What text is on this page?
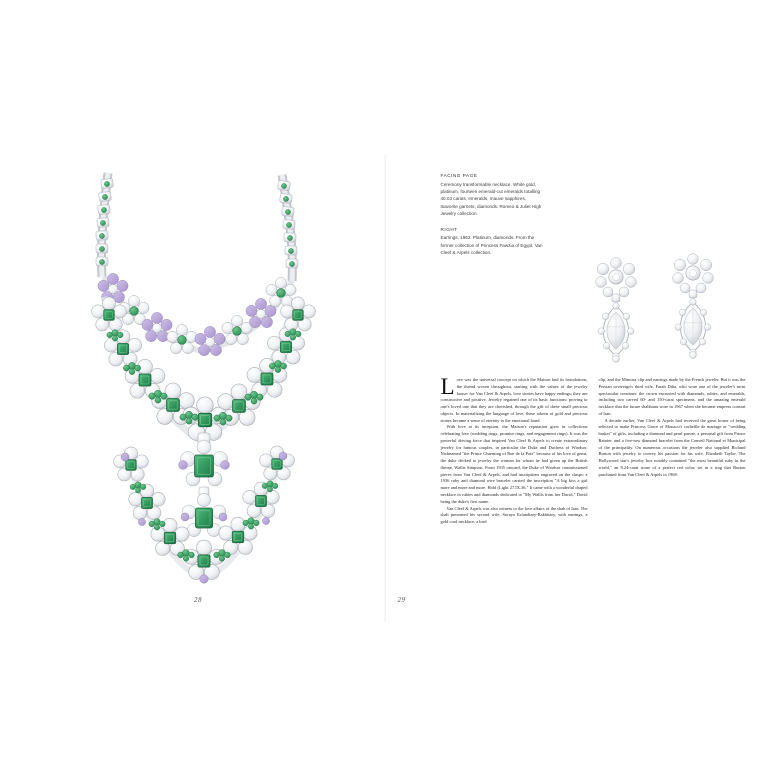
28
FACING PAGE
Ceremony transformable necklace. White gold, platinum, fourteen emerald-cut emeralds totalling 40.03 carats, emeralds, mauve sapphires, tsavorite garnets, diamonds. Romeo & Juliet High Jewelry collection.
RIGHT
Earrings, 1962. Platinum, diamonds. From the former collection of Princess Fawzia of Egypt. Van Cleef & Arpels collection.

Love was the universal concept on which the Maison laid its foundations, the thread woven throughout, starting with the values of the jewelry house: for Van Cleef & Arpels, love stories have happy endings; they are constructive and positive. Jewelry regained one of its basic functions: proving to one's loved one that they are cherished, through the gift of these small precious objects. In materializing the language of love, these tokens of gold and precious stones became a sense of eternity to the emotional bond.

With love at its inception, the Maison's reputation grew in collections celebrating love (wedding rings, promise rings, and engagement rings). It was the powerful driving force that inspired Van Cleef & Arpels to create extraordinary jewelry for famous couples, in particular the Duke and Duchess of Windsor. Nicknamed "the Prince Charming of Rue de la Paix" because of his love of gems, the duke decked to jewelry the woman for whom he had given up the British throne, Wallis Simpson. From 1935 onward, the Duke of Windsor commissioned pieces from Van Cleef & Arpels, and had inscriptions engraved on the clasps: a 1936 ruby and diamond wire bracelet carried the inscription "A big kiss a girl more and more and more. Hold (Light 27.IX.36." It came with a wonderful draped necklace in rubies and diamonds dedicated to "My Wallis from her David," David being the duke's first name.

Van Cleef & Arpels was also witness to the love affairs of the shah of Iran. The shah presented his second wife, Soraya Esfandiary-Bakhtiary, with earrings, a gold cord necklace, a bird

clip, and the Mimosa clip and earrings made by the French jeweler. But it was the Persian sovereign's third wife, Farah Diba, who wore one of the jeweler's most spectacular creations: the crown encrusted with diamonds, rubies, and emeralds, including two carved 60- and 150-carat specimens, and the amazing emerald necklace that the future shahbanu wore in 1967 when she became empress consort of Iran.

A decade earlier, Van Cleef & Arpels had received the great honor of being selected to make Princess Grace of Monaco's corbeille de mariage or "wedding basket" of gifts, including a diamond and pearl parure, a personal gift from Prince Rainier, and a five-row diamond bracelet from the Conseil National et Municipal of the principality. On numerous occasions the jeweler also supplied Richard Burton with jewelry to convey his passion for his wife, Elizabeth Taylor. The Hollywood star's jewelry box notably contained "the most beautiful ruby in the world," an 8.24-carat stone of a perfect red color, set in a ring that Burton purchased from Van Cleef & Arpels in 1968.

29
